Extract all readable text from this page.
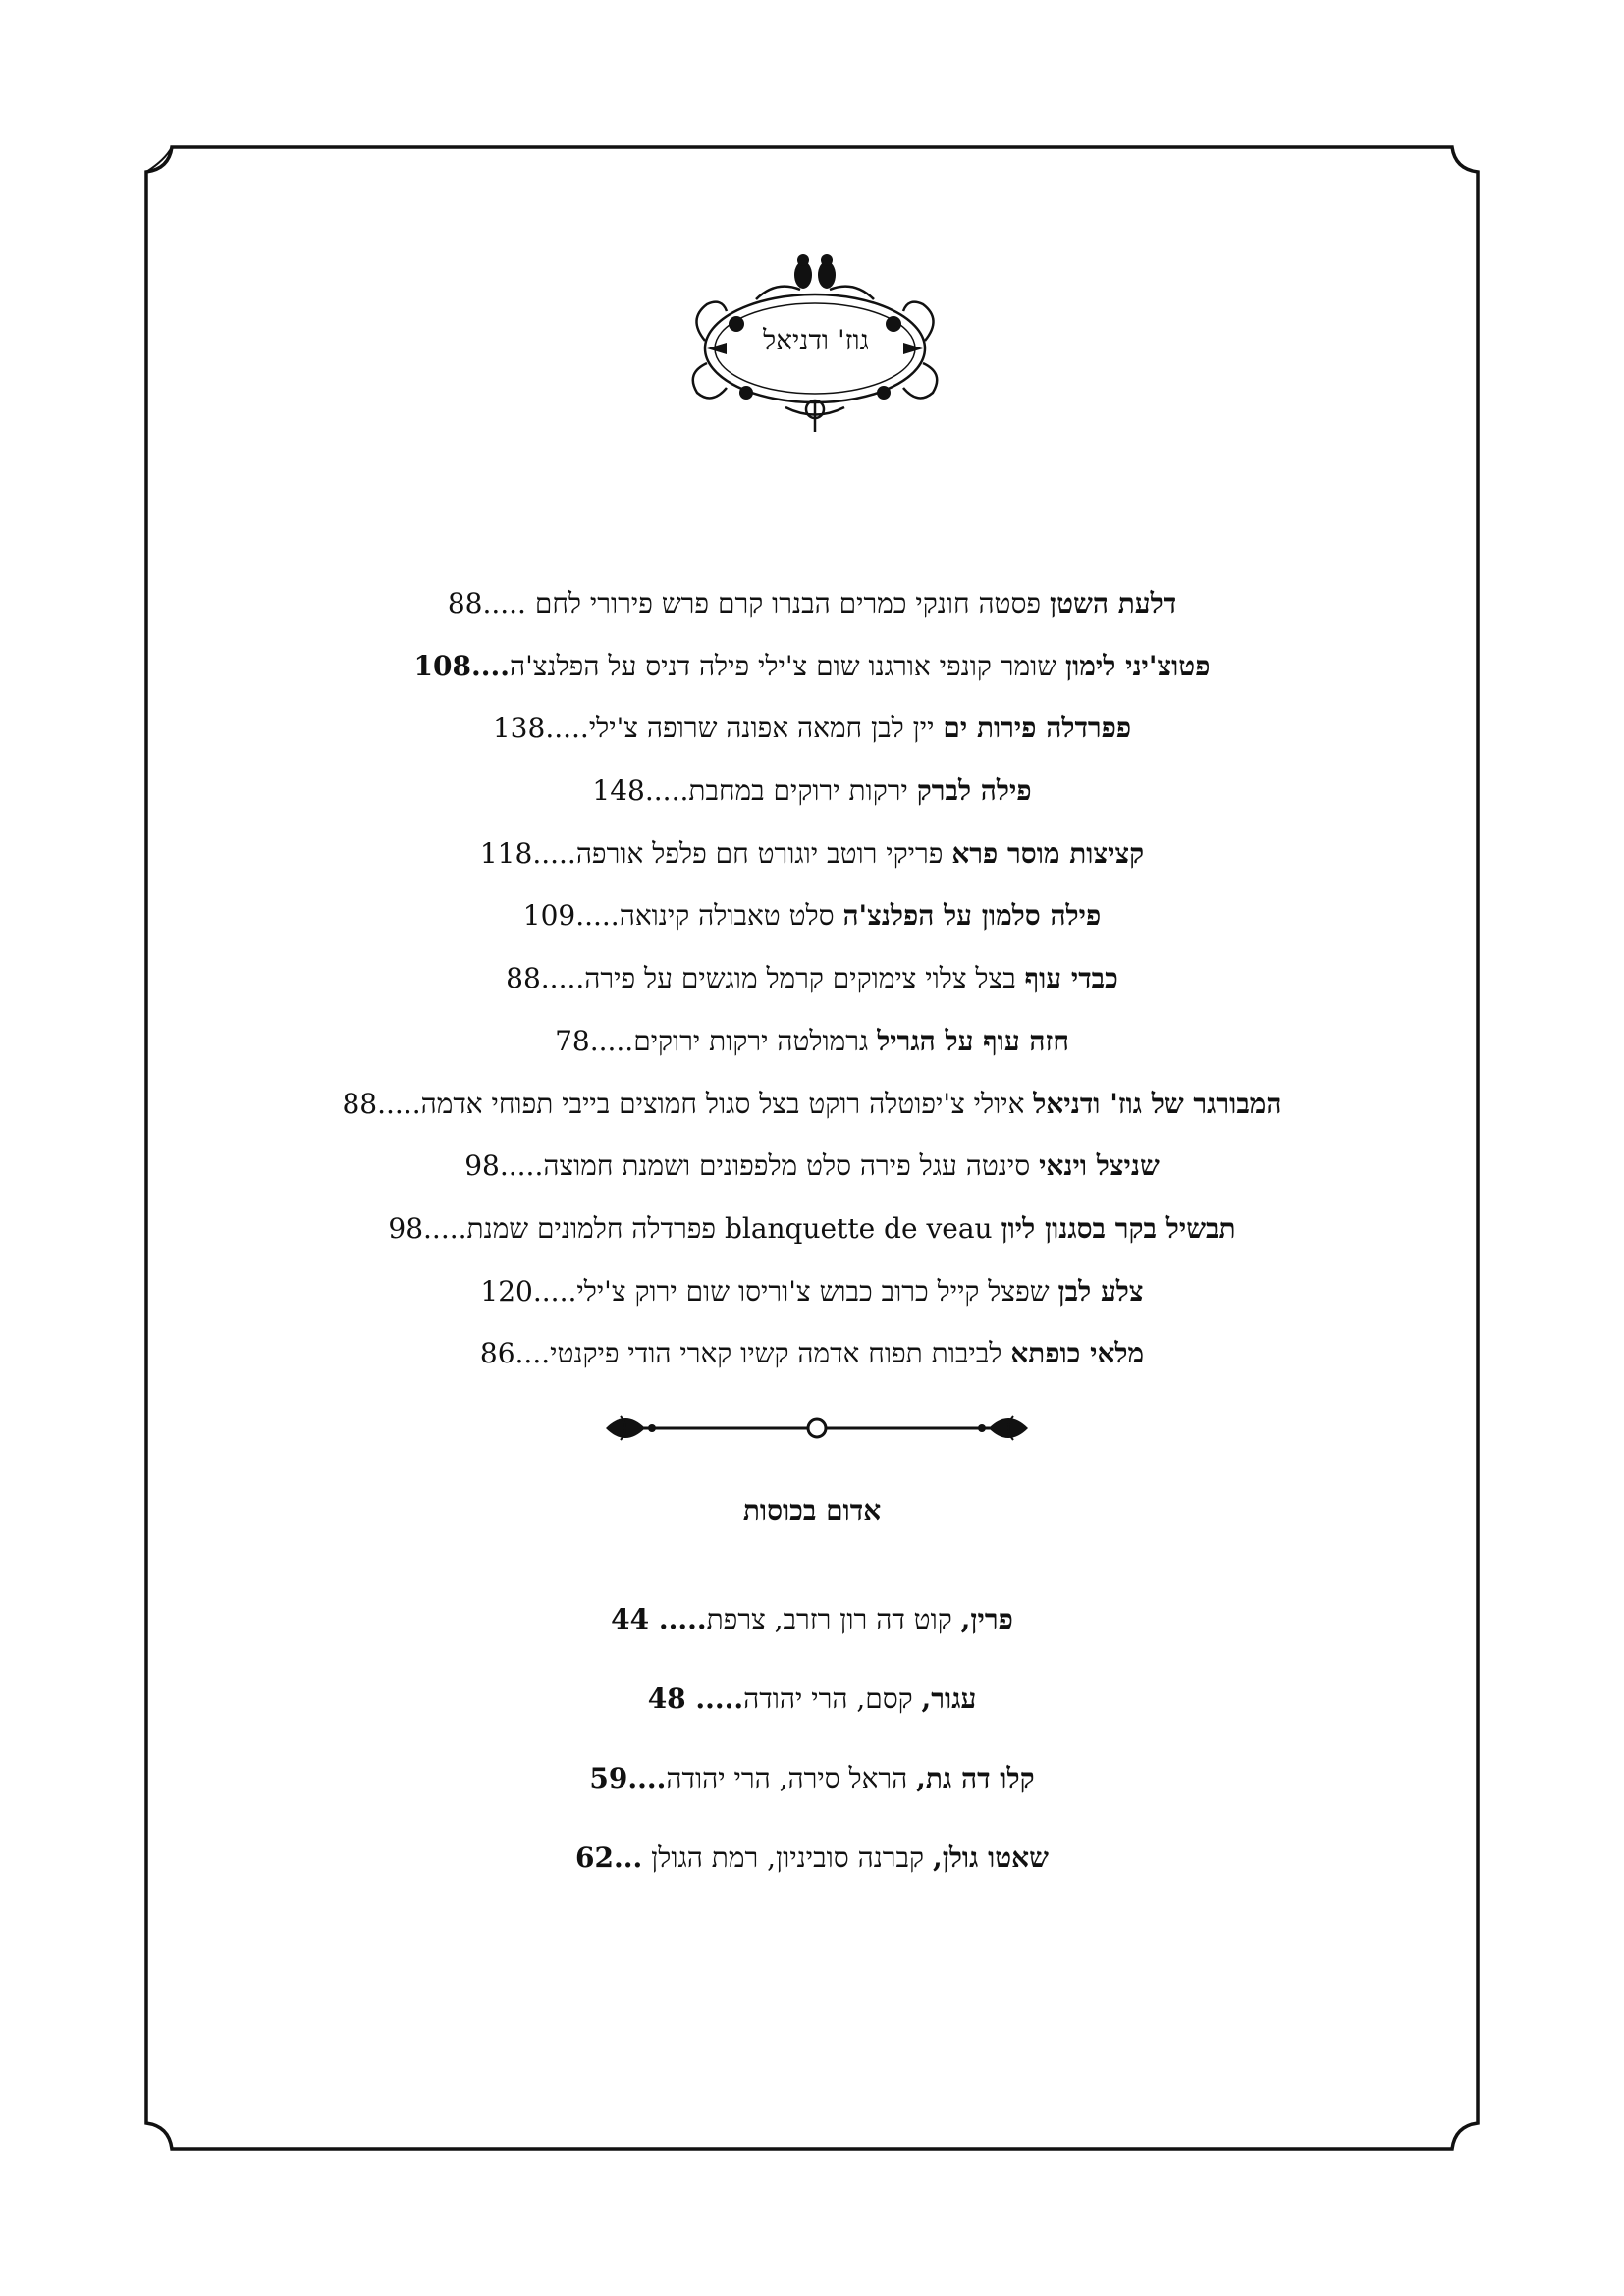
גוז' ודניאל
דלעת השטן פסטה חונקי כמרים הבנרו קרם פרש פירורי לחם .....88
פטוצ'יני לימון שומר קונפי אורגנו שום צ'ילי פילה דניס על הפלנצ'ה....108
פפרדלה פירות ים יין לבן חמאה אפונה שרופה צ'ילי.....138
פילה לברק ירקות ירוקים במחבת.....148
קציצות מוסר פרא פריקי רוטב יוגורט חם פלפל אורפה.....118
פילה סלמון על הפלנצ'ה סלט טאבולה קינואה.....109
כבדי עוף בצל צלוי צימוקים קרמל מוגשים על פירה.....88
חזה עוף על הגריל גרמולטה ירקות ירוקים.....78
המבורגר של גוז' ודניאל איולי צ'יפוטלה רוקט בצל סגול חמוצים בייבי תפוחי אדמה.....88
שניצל וינאי סינטה עגל פירה סלט מלפפונים ושמנת חמוצה.....98
תבשיל בקר בסגנון ליון blanquette de veau פפרדלה חלמונים שמנת.....98
צלע לבן שפצל קייל כרוב כבוש צ'וריסו שום ירוק צ'ילי.....120
מלאי כופתא לביבות תפוח אדמה קשיו קארי הודי פיקנטי....86
אדום בכוסות
פרין, קוט דה רון רזרב, צרפת..... 44
עגור, קסם, הרי יהודה..... 48
קלו דה גת, הראל סירה, הרי יהודה....59
שאטו גולן, קברנה סוביניון, רמת הגולן ...62
